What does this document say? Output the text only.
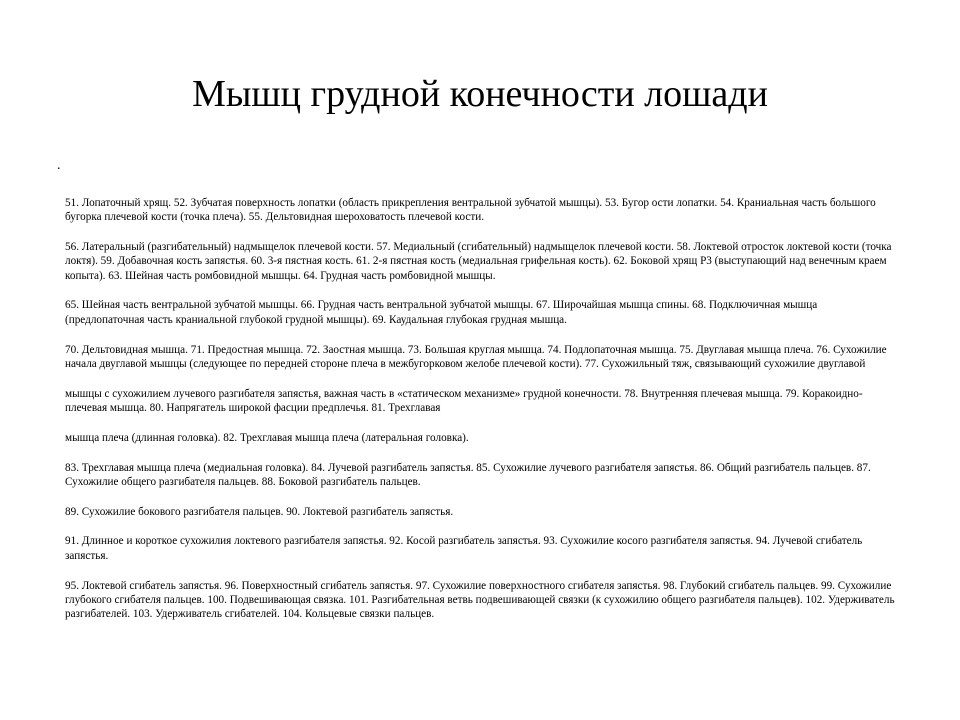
Мышц грудной конечности лошади
.

51. Лопаточный хрящ. 52. Зубчатая поверхность лопатки (область прикрепления вентральной зубчатой мышцы). 53. Бугор ости лопатки. 54. Краниальная часть большого бугорка плечевой кости (точка плеча). 55. Дельтовидная шероховатость плечевой кости.

56. Латеральный (разгибательный) надмыщелок плечевой кости. 57. Медиальный (сгибательный) надмыщелок плечевой кости. 58. Локтевой отросток локтевой кости (точка локтя). 59. Добавочная кость запястья. 60. 3-я пястная кость. 61. 2-я пястная кость (медиальная грифельная кость). 62. Боковой хрящ Р3 (выступающий над венечным краем копыта). 63. Шейная часть ромбовидной мышцы. 64. Грудная часть ромбовидной мышцы.

65. Шейная часть вентральной зубчатой мышцы. 66. Грудная часть вентральной зубчатой мышцы. 67. Широчайшая мышца спины. 68. Подключичная мышца (предлопаточная часть краниальной глубокой грудной мышцы). 69. Каудальная глубокая грудная мышца.

70. Дельтовидная мышца. 71. Предостная мышца. 72. Заостная мышца. 73. Большая круглая мышца. 74. Подлопаточная мышца. 75. Двуглавая мышца плеча. 76. Сухожилие начала двуглавой мышцы (следующее по передней стороне плеча в межбугорковом желобе плечевой кости). 77. Сухожильный тяж, связывающий сухожилие двуглавой

мышцы с сухожилием лучевого разгибателя запястья, важная часть в «статическом механизме» грудной конечности. 78. Внутренняя плечевая мышца. 79. Коракоидно-плечевая мышца. 80. Напрягатель широкой фасции предплечья. 81. Трехглавая

мышца плеча (длинная головка). 82. Трехглавая мышца плеча (латеральная головка).

83. Трехглавая мышца плеча (медиальная головка). 84. Лучевой разгибатель запястья. 85. Сухожилие лучевого разгибателя запястья. 86. Общий разгибатель пальцев. 87. Сухожилие общего разгибателя пальцев. 88. Боковой разгибатель пальцев.

89. Сухожилие бокового разгибателя пальцев. 90. Локтевой разгибатель запястья.

91. Длинное и короткое сухожилия локтевого разгибателя запястья. 92. Косой разгибатель запястья. 93. Сухожилие косого разгибателя запястья. 94. Лучевой сгибатель запястья.

95. Локтевой сгибатель запястья. 96. Поверхностный сгибатель запястья. 97. Сухожилие поверхностного сгибателя запястья. 98. Глубокий сгибатель пальцев. 99. Сухожилие глубокого сгибателя пальцев. 100. Подвешивающая связка. 101. Разгибательная ветвь подвешивающей связки (к сухожилию общего разгибателя пальцев). 102. Удерживатель разгибателей. 103. Удерживатель сгибателей. 104. Кольцевые связки пальцев.
